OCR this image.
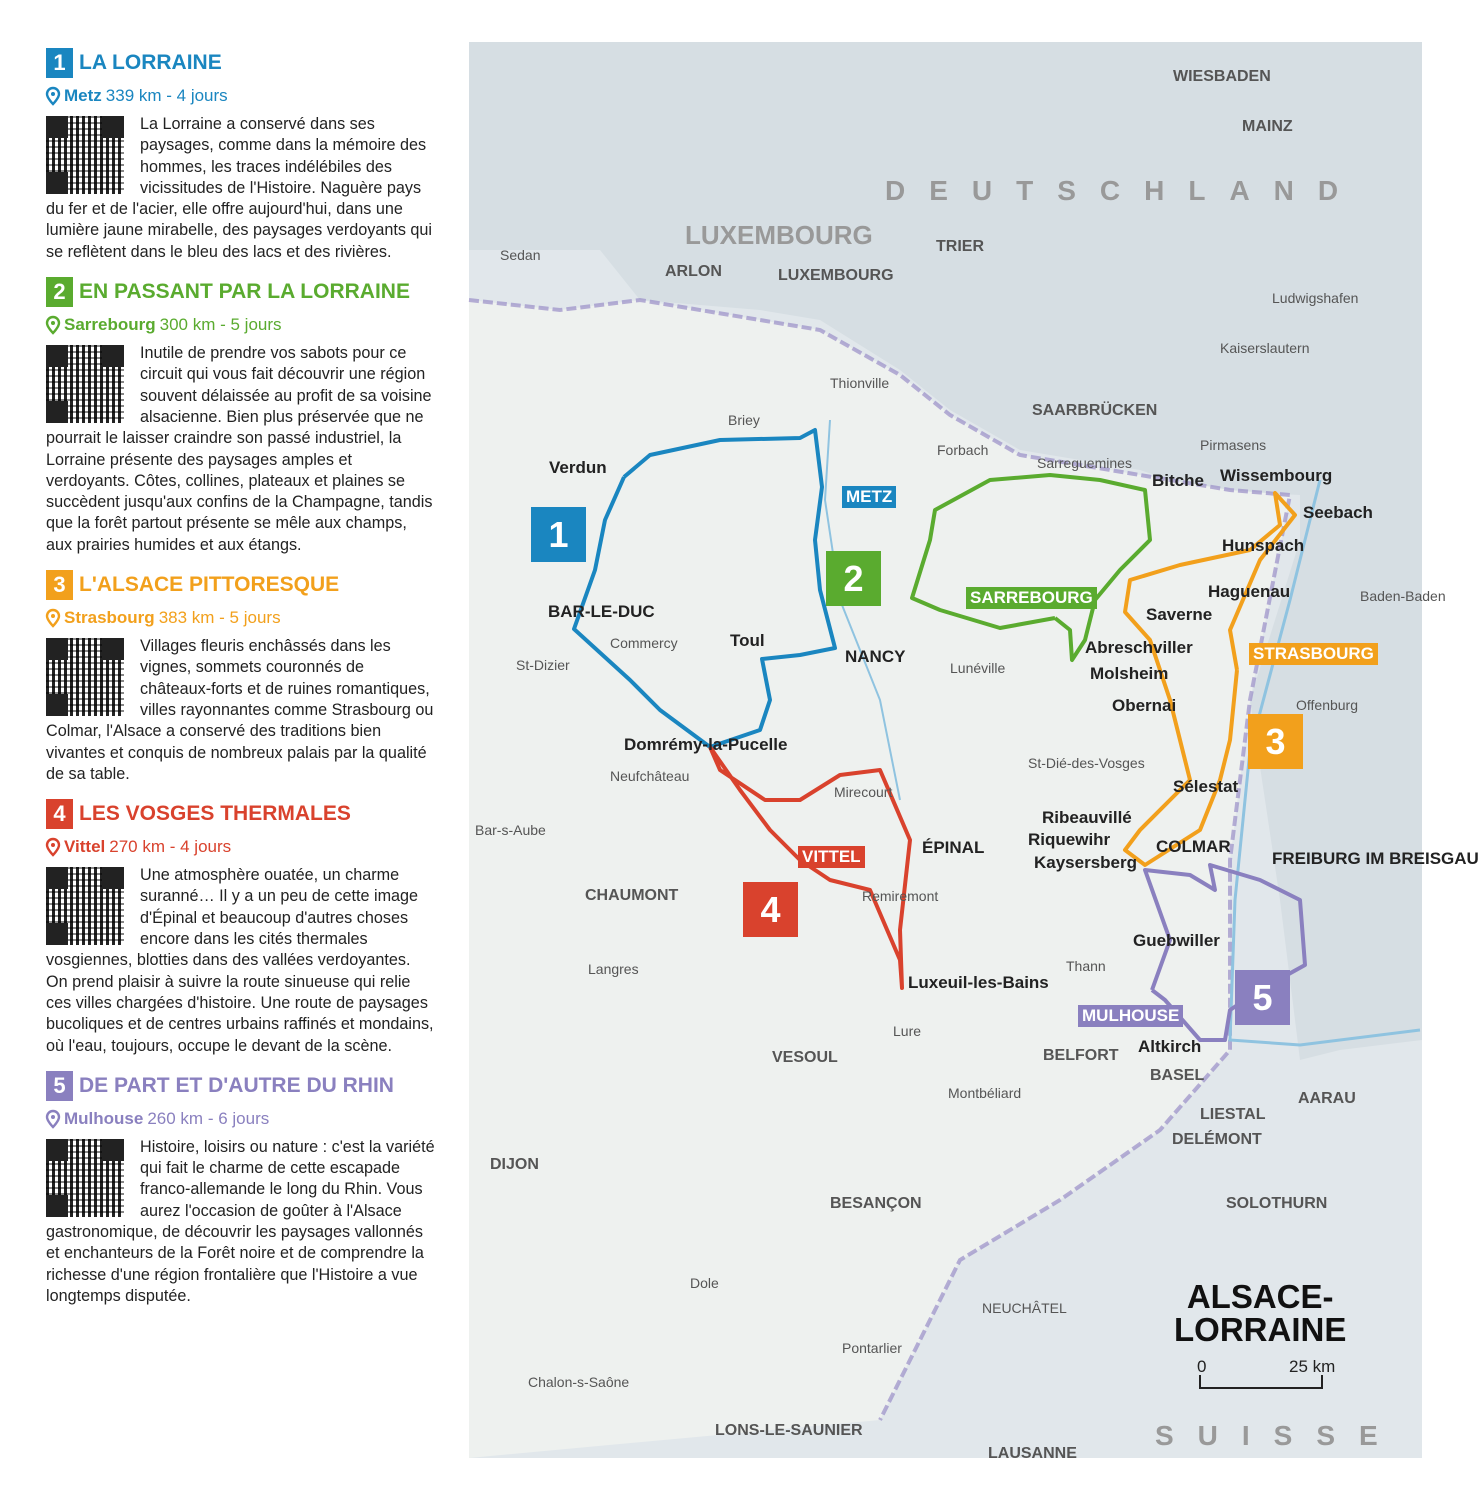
1 LA LORRAINE
Metz 339 km - 4 jours
La Lorraine a conservé dans ses paysages, comme dans la mémoire des hommes, les traces indélébiles des vicissitudes de l'Histoire. Naguère pays du fer et de l'acier, elle offre aujourd'hui, dans une lumière jaune mirabelle, des paysages verdoyants qui se reflètent dans le bleu des lacs et des rivières.
2 EN PASSANT PAR LA LORRAINE
Sarrebourg 300 km - 5 jours
Inutile de prendre vos sabots pour ce circuit qui vous fait découvrir une région souvent délaissée au profit de sa voisine alsacienne. Bien plus préservée que ne pourrait le laisser craindre son passé industriel, la Lorraine présente des paysages amples et verdoyants. Côtes, collines, plateaux et plaines se succèdent jusqu'aux confins de la Champagne, tandis que la forêt partout présente se mêle aux champs, aux prairies humides et aux étangs.
3 L'ALSACE PITTORESQUE
Strasbourg 383 km - 5 jours
Villages fleuris enchâssés dans les vignes, sommets couronnés de châteaux-forts et de ruines romantiques, villes rayonnantes comme Strasbourg ou Colmar, l'Alsace a conservé des traditions bien vivantes et conquis de nombreux palais par la qualité de sa table.
4 LES VOSGES THERMALES
Vittel 270 km - 4 jours
Une atmosphère ouatée, un charme suranné… Il y a un peu de cette image d'Épinal et beaucoup d'autres choses encore dans les cités thermales vosgiennes, blotties dans des vallées verdoyantes. On prend plaisir à suivre la route sinueuse qui relie ces villes chargées d'histoire. Une route de paysages bucoliques et de centres urbains raffinés et mondains, où l'eau, toujours, occupe le devant de la scène.
5 DE PART ET D'AUTRE DU RHIN
Mulhouse 260 km - 6 jours
Histoire, loisirs ou nature : c'est la variété qui fait le charme de cette escapade franco-allemande le long du Rhin. Vous aurez l'occasion de goûter à l'Alsace gastronomique, de découvrir les paysages vallonnés et enchanteurs de la Forêt noire et de comprendre la richesse d'une région frontalière que l'Histoire a vue longtemps disputée.
DEUTSCHLAND
LUXEMBOURG
SUISSE
METZ
SARREBOURG
STRASBOURG
VITTEL
MULHOUSE
Verdun
BAR-LE-DUC
Toul
NANCY
Domrémy-la-Pucelle
Bitche Wissembourg
Seebach
Hunspach
Haguenau
Saverne
Abreschviller
Molsheim
Obernai
Sélestat
Ribeauvillé
Riquewihr
Kaysersberg
COLMAR
FREIBURG IM BREISGAU
Guebwiller
ÉPINAL
Luxeuil-les-Bains
Altkirch
WIESBADEN
MAINZ
TRIER
LUXEMBOURG
ARLON
Thionville
SAARBRÜCKEN
Forbach
Sarreguemines
Briey
Commercy
Neufchâteau
Lunéville
St-Dié-des-Vosges
CHAUMONT
Langres
VESOUL	BELFORT
Montbéliard
BASEL
DIJON
BESANÇON
NEUCHÂTEL
Pontarlier
Dole
LONS-LE-SAUNIER
LAUSANNE
SOLOTHURN
AARAU
LIESTAL
DELÉMONT
Kaiserslautern
Ludwigshafen
Pirmasens
Offenburg
Baden-Baden
St-Dizier
Chalon-s-Saône
Lure
Thann
Remiremont
Mirecourt
Sedan
Bar-s-Aube
1
2
3
4
5
ALSACE-
LORRAINE
0	25 km
